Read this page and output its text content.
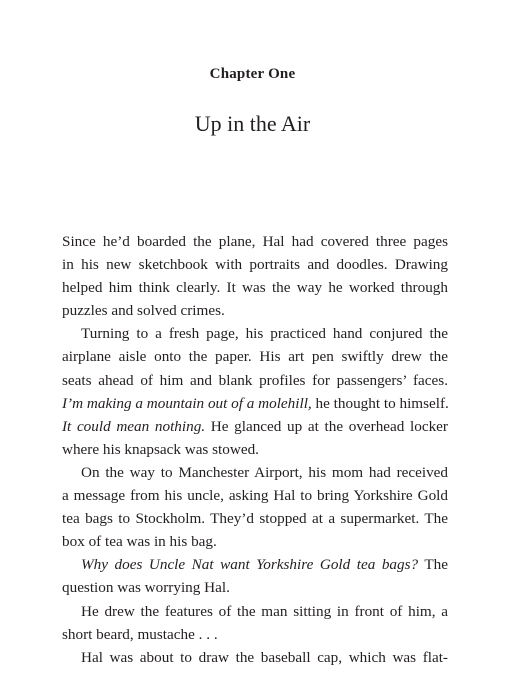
Chapter One
Up in the Air
Since he’d boarded the plane, Hal had covered three pages
in his new sketchbook with portraits and doodles. Drawing
helped him think clearly. It was the way he worked through
puzzles and solved crimes.
Turning to a fresh page, his practiced hand conjured the
airplane aisle onto the paper. His art pen swiftly drew the
seats ahead of him and blank profiles for passengers’ faces.
I’m making a mountain out of a molehill, he thought to himself.
It could mean nothing. He glanced up at the overhead locker
where his knapsack was stowed.
On the way to Manchester Airport, his mom had received
a message from his uncle, asking Hal to bring Yorkshire Gold
tea bags to Stockholm. They’d stopped at a supermarket. The
box of tea was in his bag.
Why does Uncle Nat want Yorkshire Gold tea bags? The
question was worrying Hal.
He drew the features of the man sitting in front of him, a
short beard, mustache . . .
Hal was about to draw the baseball cap, which was flat-
